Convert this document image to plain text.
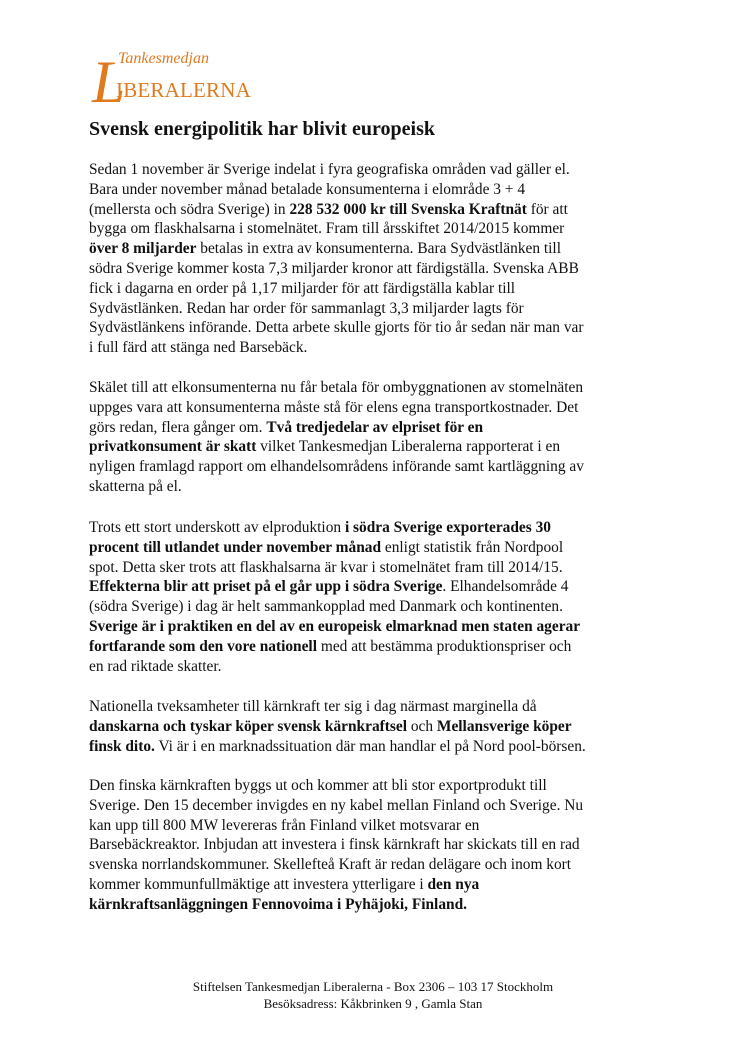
L
Tankesmedjan
IBERALERNA
Svensk energipolitik har blivit europeisk

Sedan 1 november är Sverige indelat i fyra geografiska områden vad gäller el.
Bara under november månad betalade konsumenterna i elområde 3 + 4
(mellersta och södra Sverige) in 228 532 000 kr till Svenska Kraftnät för att
bygga om flaskhalsarna i stomelnätet. Fram till årsskiftet 2014/2015 kommer
över 8 miljarder betalas in extra av konsumenterna. Bara Sydvästlänken till
södra Sverige kommer kosta 7,3 miljarder kronor att färdigställa. Svenska ABB
fick i dagarna en order på 1,17 miljarder för att färdigställa kablar till
Sydvästlänken. Redan har order för sammanlagt 3,3 miljarder lagts för
Sydvästlänkens införande. Detta arbete skulle gjorts för tio år sedan när man var
i full färd att stänga ned Barsebäck.

Skälet till att elkonsumenterna nu får betala för ombyggnationen av stomelnäten
uppges vara att konsumenterna måste stå för elens egna transportkostnader. Det
görs redan, flera gånger om. Två tredjedelar av elpriset för en
privatkonsument är skatt vilket Tankesmedjan Liberalerna rapporterat i en
nyligen framlagd rapport om elhandelsområdens införande samt kartläggning av
skatterna på el.

Trots ett stort underskott av elproduktion i södra Sverige exporterades 30
procent till utlandet under november månad enligt statistik från Nordpool
spot. Detta sker trots att flaskhalsarna är kvar i stomelnätet fram till 2014/15.
Effekterna blir att priset på el går upp i södra Sverige. Elhandelsområde 4
(södra Sverige) i dag är helt sammankopplad med Danmark och kontinenten.
Sverige är i praktiken en del av en europeisk elmarknad men staten agerar
fortfarande som den vore nationell med att bestämma produktionspriser och
en rad riktade skatter.

Nationella tveksamheter till kärnkraft ter sig i dag närmast marginella då
danskarna och tyskar köper svensk kärnkraftsel och Mellansverige köper
finsk dito. Vi är i en marknadssituation där man handlar el på Nord pool-börsen.

Den finska kärnkraften byggs ut och kommer att bli stor exportprodukt till
Sverige. Den 15 december invigdes en ny kabel mellan Finland och Sverige. Nu
kan upp till 800 MW levereras från Finland vilket motsvarar en
Barsebäckreaktor. Inbjudan att investera i finsk kärnkraft har skickats till en rad
svenska norrlandskommuner. Skellefteå Kraft är redan delägare och inom kort
kommer kommunfullmäktige att investera ytterligare i den nya
kärnkraftsanläggningen Fennovoima i Pyhäjoki, Finland.

Stiftelsen Tankesmedjan Liberalerna - Box 2306 – 103 17 Stockholm
Besöksadress: Kåkbrinken 9 , Gamla Stan
